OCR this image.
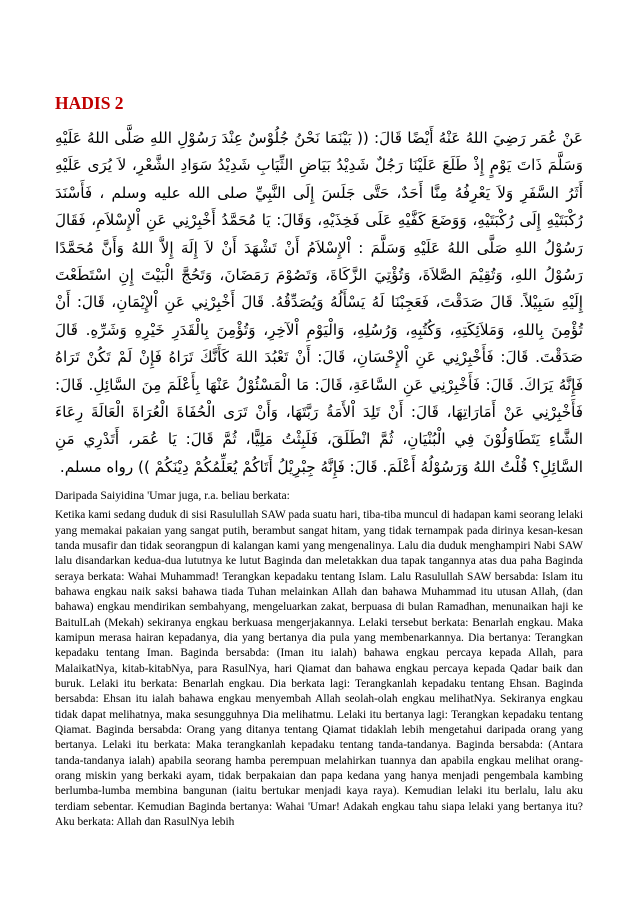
HADIS 2

عَنْ عُمَر رَضِيَ اللهُ عَنْهُ أَيْضًا قَالَ: (( بَيْنَمَا نَحْنُ جُلُوْسٌ عِنْدَ رَسُوْلِ اللهِ صَلَّى اللهُ عَلَيْهِ وَسَلَّمَ ذَاتَ يَوْمٍ إِذْ طَلَعَ عَلَيْنَا رَجُلٌ شَدِيْدُ بَيَاضِ الثِّيَابِ شَدِيْدُ سَوَادِ الشَّعْرِ، لاَ يُرَى عَلَيْهِ أَثَرُ السَّفَرِ وَلاَ يَعْرِفُهُ مِنَّا أَحَدٌ، حَتَّى جَلَسَ إِلَى النَّبِيِّ صلى الله عليه وسلم ، فَأَسْنَدَ رُكْبَتَيْهِ إِلَى رُكْبَتَيْهِ، وَوَضَعَ كَفَّيْهِ عَلَى فَخِذَيْهِ، وَقَالَ: يَا مُحَمَّدُ أَخْبِرْنِي عَنِ اْلإِسْلاَمِ، فَقَالَ رَسُوْلُ اللهِ صَلَّى اللهُ عَلَيْهِ وَسَلَّمَ : اْلإِسْلاَمُ أَنْ تَشْهَدَ أَنْ لاَ إِلَهَ إِلاَّ اللهُ وَأَنَّ مُحَمَّدًا رَسُوْلُ اللهِ، وَتُقِيْمَ الصَّلاَةَ، وَتُؤْتِيَ الزَّكَاةَ، وَتَصُوْمَ رَمَضَانَ، وَتَحُجَّ الْبَيْتَ إِنِ اسْتَطَعْتَ إِلَيْهِ سَبِيْلاً. قَالَ صَدَقْتَ، فَعَجِبْنَا لَهُ يَسْأَلُهُ وَيُصَدِّقُهُ. قَالَ أَخْبِرْنِي عَنِ اْلإِيْمَانِ، قَالَ: أَنْ تُؤْمِنَ بِاللهِ، وَمَلاَئِكَتِهِ، وَكُتُبِهِ، وَرُسُلِهِ، وَالْيَوْمِ اْلآخِرِ، وَتُؤْمِنَ بِالْقَدَرِ خَيْرِهِ وَشَرِّهِ. قَالَ صَدَقْتَ. قَالَ: فَأَخْبِرْنِي عَنِ اْلإِحْسَانِ، قَالَ: أَنْ تَعْبُدَ اللهَ كَأَنَّكَ تَرَاهُ فَإِنْ لَمْ تَكُنْ تَرَاهُ فَإِنَّهُ يَرَاكَ. قَالَ: فَأَخْبِرْنِي عَنِ السَّاعَةِ، قَالَ: مَا الْمَسْئُوْلُ عَنْهَا بِأَعْلَمَ مِنَ السَّائِلِ. قَالَ: فَأَخْبِرْنِي عَنْ أَمَارَاتِهَا، قَالَ: أَنْ تَلِدَ اْلأَمَةُ رَبَّتَهَا، وَأَنْ تَرَى الْحُفَاةَ الْعُرَاةَ الْعَالَةَ رِعَاءَ الشَّاءِ يَتَطَاوَلُوْنَ فِي الْبُنْيَانِ، ثُمَّ انْطَلَقَ، فَلَبِثْتُ مَلِيًّا، ثُمَّ قَالَ: يَا عُمَر، أَتَدْرِي مَنِ السَّائِلِ؟ قُلْتُ اللهُ وَرَسُوْلُهُ أَعْلَمَ. قَالَ: فَإِنَّهُ جِبْرِيْلُ أَتَاكُمْ يُعَلِّمُكُمْ دِيْنَكُمْ )) رواه مسلم.

Daripada Saiyidina 'Umar juga, r.a. beliau berkata:

Ketika kami sedang duduk di sisi Rasulullah SAW pada suatu hari, tiba-tiba muncul di hadapan kami seorang lelaki yang memakai pakaian yang sangat putih, berambut sangat hitam, yang tidak ternampak pada dirinya kesan-kesan tanda musafir dan tidak seorangpun di kalangan kami yang mengenalinya. Lalu dia duduk menghampiri Nabi SAW lalu disandarkan kedua-dua lututnya ke lutut Baginda dan meletakkan dua tapak tangannya atas dua paha Baginda seraya berkata: Wahai Muhammad! Terangkan kepadaku tentang Islam. Lalu Rasulullah SAW bersabda: Islam itu bahawa engkau naik saksi bahawa tiada Tuhan melainkan Allah dan bahawa Muhammad itu utusan Allah, (dan bahawa) engkau mendirikan sembahyang, mengeluarkan zakat, berpuasa di bulan Ramadhan, menunaikan haji ke BaitulLah (Mekah) sekiranya engkau berkuasa mengerjakannya. Lelaki tersebut berkata: Benarlah engkau. Maka kamipun merasa hairan kepadanya, dia yang bertanya dia pula yang membenarkannya. Dia bertanya: Terangkan kepadaku tentang Iman. Baginda bersabda: (Iman itu ialah) bahawa engkau percaya kepada Allah, para MalaikatNya, kitab-kitabNya, para RasulNya, hari Qiamat dan bahawa engkau percaya kepada Qadar baik dan buruk. Lelaki itu berkata: Benarlah engkau. Dia berkata lagi: Terangkanlah kepadaku tentang Ehsan. Baginda bersabda: Ehsan itu ialah bahawa engkau menyembah Allah seolah-olah engkau melihatNya. Sekiranya engkau tidak dapat melihatnya, maka sesungguhnya Dia melihatmu. Lelaki itu bertanya lagi: Terangkan kepadaku tentang Qiamat. Baginda bersabda: Orang yang ditanya tentang Qiamat tidaklah lebih mengetahui daripada orang yang bertanya. Lelaki itu berkata: Maka terangkanlah kepadaku tentang tanda-tandanya. Baginda bersabda: (Antara tanda-tandanya ialah) apabila seorang hamba perempuan melahirkan tuannya dan apabila engkau melihat orang-orang miskin yang berkaki ayam, tidak berpakaian dan papa kedana yang hanya menjadi pengembala kambing berlumba-lumba membina bangunan (iaitu bertukar menjadi kaya raya). Kemudian lelaki itu berlalu, lalu aku terdiam sebentar. Kemudian Baginda bertanya: Wahai 'Umar! Adakah engkau tahu siapa lelaki yang bertanya itu? Aku berkata: Allah dan RasulNya lebih
